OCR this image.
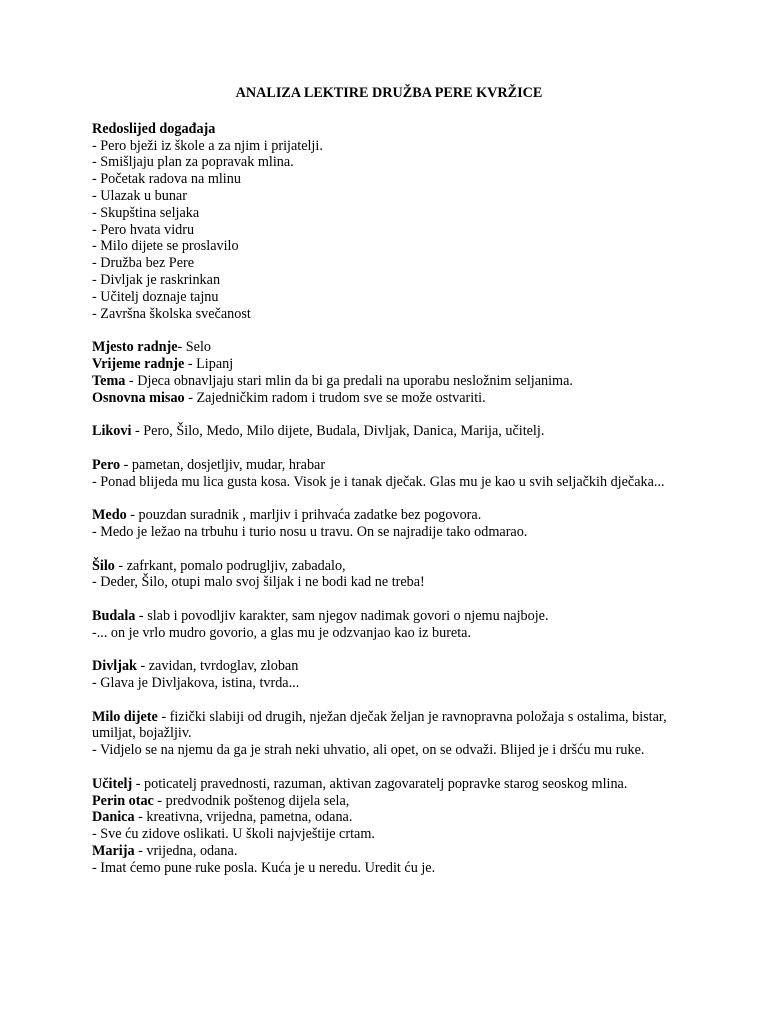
ANALIZA LEKTIRE DRUŽBA PERE KVRŽICE
Redoslijed događaja
- Pero bježi iz škole a za njim i prijatelji.
- Smišljaju plan za popravak mlina.
- Početak radova na mlinu
- Ulazak u bunar
- Skupština seljaka
- Pero hvata vidru
- Milo dijete se proslavilo
- Družba bez Pere
- Divljak je raskrinkan
- Učitelj doznaje tajnu
- Završna školska svečanost
Mjesto radnje- Selo
Vrijeme radnje - Lipanj
Tema - Djeca obnavljaju stari mlin da bi ga predali na uporabu nesložnim seljanima.
Osnovna misao - Zajedničkim radom i trudom sve se može ostvariti.
Likovi - Pero, Šilo, Medo, Milo dijete, Budala, Divljak, Danica, Marija, učitelj.
Pero - pametan, dosjetljiv, mudar, hrabar
- Ponad blijeda mu lica gusta kosa. Visok je i tanak dječak. Glas mu je kao u svih seljačkih dječaka...
Medo - pouzdan suradnik , marljiv i prihvaća zadatke bez pogovora.
- Medo je ležao na trbuhu i turio nosu u travu. On se najradije tako odmarao.
Šilo - zafrkant, pomalo podrugljiv, zabadalo,
- Deder, Šilo, otupi malo svoj šiljak i ne bodi kad ne treba!
Budala - slab i povodljiv karakter, sam njegov nadimak govori o njemu najboje.
-... on je vrlo mudro govorio, a glas mu je odzvanjao kao iz bureta.
Divljak - zavidan, tvrdoglav, zloban
- Glava je Divljakova, istina, tvrda...
Milo dijete - fizički slabiji od drugih, nježan dječak željan je ravnopravna položaja s ostalima, bistar, umiljat, bojažljiv.
- Vidjelo se na njemu da ga je strah neki uhvatio, ali opet, on se odvaži. Blijed je i dršću mu ruke.
Učitelj - poticatelj pravednosti, razuman, aktivan zagovaratelj popravke starog seoskog mlina.
Perin otac - predvodnik poštenog dijela sela,
Danica - kreativna, vrijedna, pametna, odana.
- Sve ću zidove oslikati. U školi najvještije crtam.
Marija - vrijedna, odana.
- Imat ćemo pune ruke posla. Kuća je u neredu. Uredit ću je.
